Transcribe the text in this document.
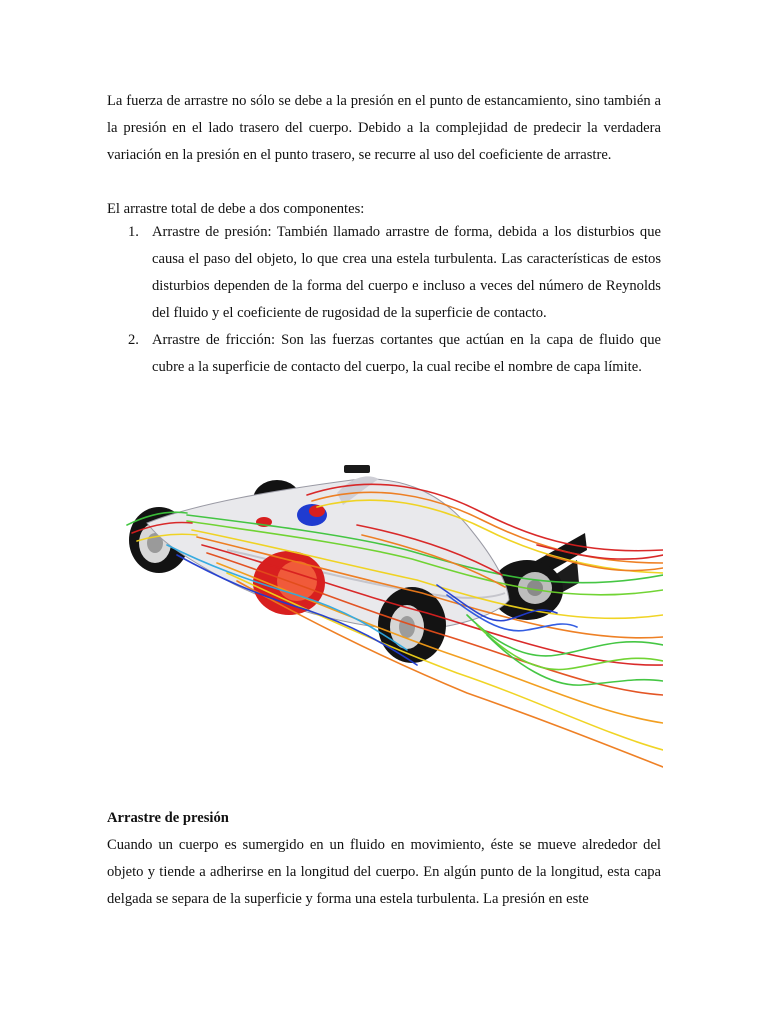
La fuerza de arrastre no sólo se debe a la presión en el punto de estancamiento, sino también a la presión en el lado trasero del cuerpo. Debido a la complejidad de predecir la verdadera variación en la presión en el punto trasero, se recurre al uso del coeficiente de arrastre.

El arrastre total de debe a dos componentes:

1. Arrastre de presión: También llamado arrastre de forma, debida a los disturbios que causa el paso del objeto, lo que crea una estela turbulenta. Las características de estos disturbios dependen de la forma del cuerpo e incluso a veces del número de Reynolds del fluido y el coeficiente de rugosidad de la superficie de contacto.
2. Arrastre de fricción: Son las fuerzas cortantes que actúan en la capa de fluido que cubre a la superficie de contacto del cuerpo, la cual recibe el nombre de capa límite.
Arrastre de presión

Cuando un cuerpo es sumergido en un fluido en movimiento, éste se mueve alrededor del objeto y tiende a adherirse en la longitud del cuerpo. En algún punto de la longitud, esta capa delgada se separa de la superficie y forma una estela turbulenta. La presión en este
